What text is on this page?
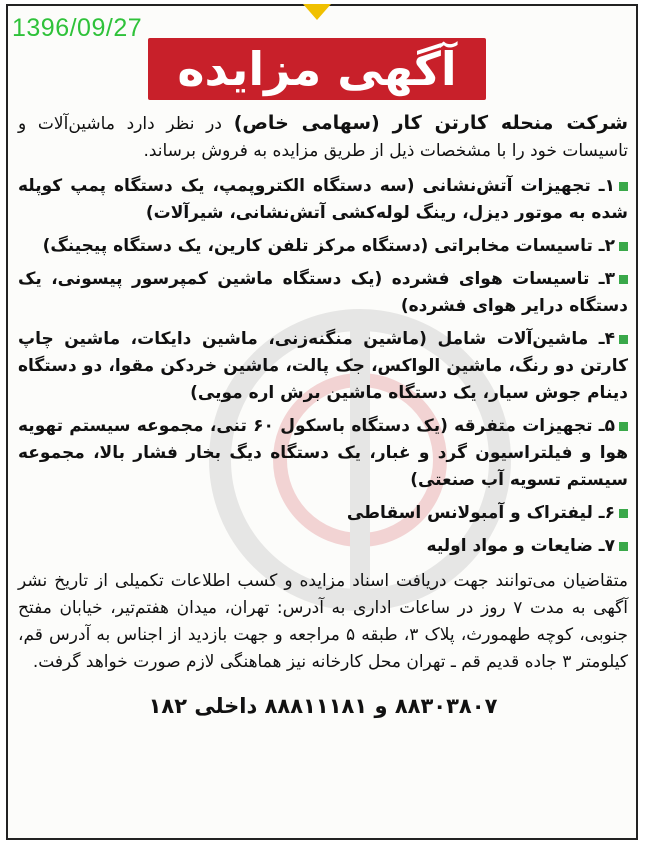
1396/09/27
آگهی مزایده

شرکت منحله کارتن کار (سهامی خاص) در نظر دارد ماشین‌آلات و تاسیسات خود را با مشخصات ذیل از طریق مزایده به فروش برساند.

۱ـ تجهیزات آتش‌نشانی (سه دستگاه الکتروپمپ، یک دستگاه پمپ کوپله شده به موتور دیزل، رینگ لوله‌کشی آتش‌نشانی، شیرآلات)

۲ـ تاسیسات مخابراتی (دستگاه مرکز تلفن کارین، یک دستگاه پیجینگ)

۳ـ تاسیسات هوای فشرده (یک دستگاه ماشین کمپرسور پیسونی، یک دستگاه درایر هوای فشرده)

۴ـ ماشین‌آلات شامل (ماشین منگنه‌زنی، ماشین دایکات، ماشین چاپ کارتن دو رنگ، ماشین الواکس، جک پالت، ماشین خردکن مقوا، دو دستگاه دینام جوش سیار، یک دستگاه ماشین برش اره مویی)

۵ـ تجهیزات متفرقه (یک دستگاه باسکول ۶۰ تنی، مجموعه سیستم تهویه هوا و فیلتراسیون گرد و غبار، یک دستگاه دیگ بخار فشار بالا، مجموعه سیستم تسویه آب صنعتی)

۶ـ لیفتراک و آمبولانس اسقاطی

۷ـ ضایعات و مواد اولیه

متقاضیان می‌توانند جهت دریافت اسناد مزایده و کسب اطلاعات تکمیلی از تاریخ نشر آگهی به مدت ۷ روز در ساعات اداری به آدرس: تهران، میدان هفتم‌تیر، خیابان مفتح جنوبی، کوچه طهمورث، پلاک ۳، طبقه ۵ مراجعه و جهت بازدید از اجناس به آدرس قم، کیلومتر ۳ جاده قدیم قم ـ تهران محل کارخانه نیز هماهنگی لازم صورت خواهد گرفت.

۸۸۳۰۳۸۰۷ و ۸۸۸۱۱۱۸۱ داخلی ۱۸۲
